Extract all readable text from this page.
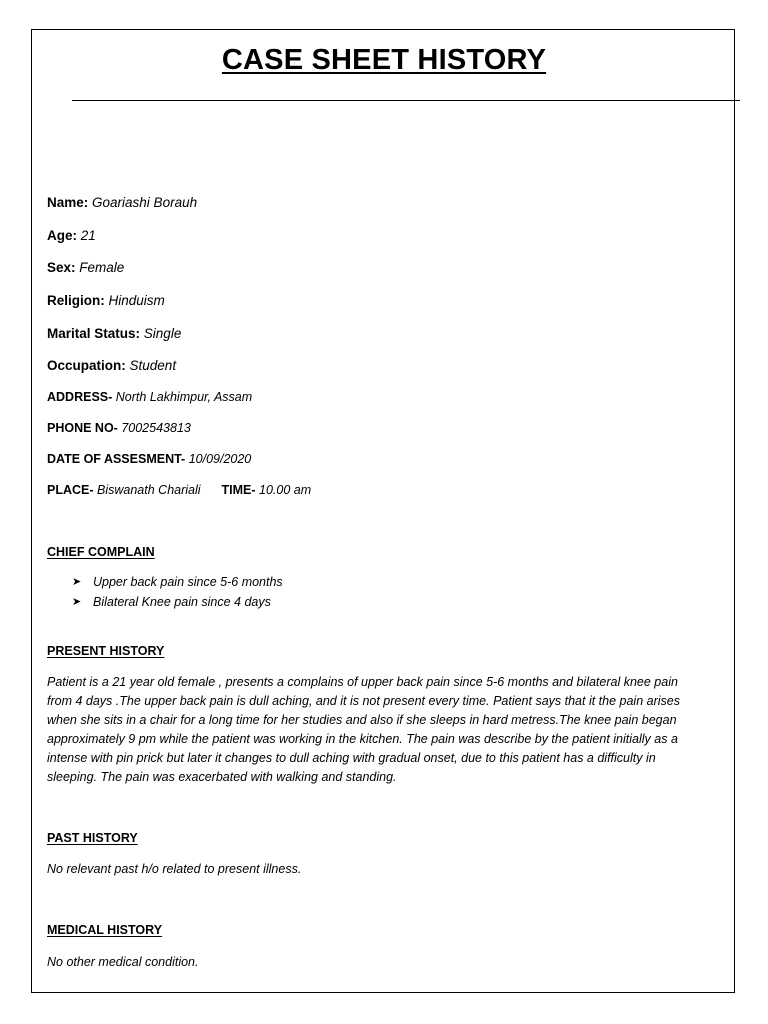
CASE SHEET HISTORY
Name: Goariashi Borauh
Age: 21
Sex: Female
Religion: Hinduism
Marital Status: Single
Occupation: Student
ADDRESS- North Lakhimpur, Assam
PHONE NO- 7002543813
DATE OF ASSESMENT- 10/09/2020
PLACE- Biswanath Chariali TIME- 10.00 am
CHIEF COMPLAIN
➤ Upper back pain since 5-6 months
➤ Bilateral Knee pain since 4 days
PRESENT HISTORY
Patient is a 21 year old female , presents a complains of upper back pain since 5-6 months and bilateral knee pain
from 4 days .The upper back pain is dull aching, and it is not present every time. Patient says that it the pain arises
when she sits in a chair for a long time for her studies and also if she sleeps in hard metress.The knee pain began
approximately 9 pm while the patient was working in the kitchen. The pain was describe by the patient initially as a
intense with pin prick but later it changes to dull aching with gradual onset, due to this patient has a difficulty in
sleeping. The pain was exacerbated with walking and standing.
PAST HISTORY
No relevant past h/o related to present illness.
MEDICAL HISTORY
No other medical condition.
